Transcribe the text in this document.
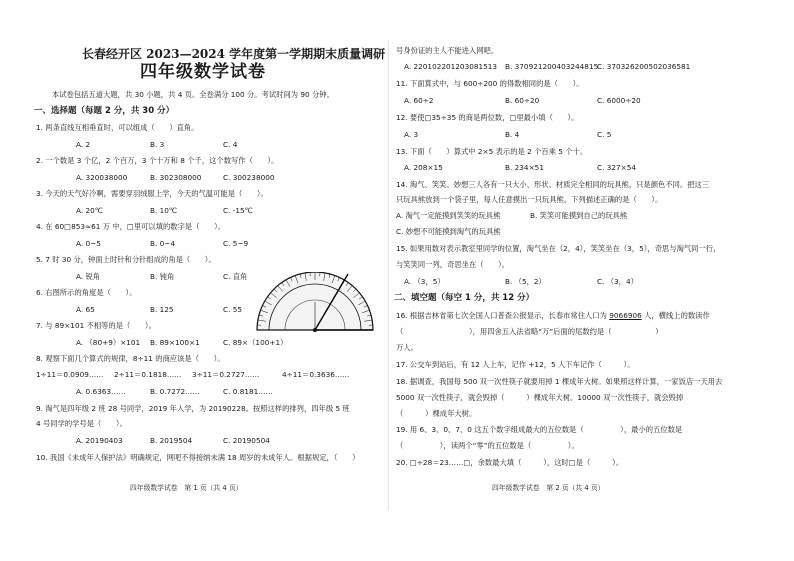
长春经开区 2023—2024 学年度第一学期期末质量调研
四年级数学试卷
本试卷包括五道大题，共 30 小题，共 4 页。全卷满分 100 分。考试时间为 90 分钟。
一、选择题（每题 2 分，共 30 分）
1. 两条直线互相垂直时，可以组成（　　）直角。
A. 2	B. 3	C. 4
2. 一个数是 3 个亿，2 个百万，3 个十万和 8 个千，这个数写作（　　）。
A. 320038000	B. 302308000	C. 300238000
3. 今天的天气好冷啊，需要穿羽绒服上学，今天的气温可能是（　　）。
A. 20℃	B. 10℃	C. -15℃
4. 在 60□853≈61 万 中，□里可以填的数字是（　　）。
A. 0~5	B. 0~4	C. 5~9
5. 7 时 30 分，钟面上时针和分针组成的角是（　　）。
A. 锐角	B. 钝角	C. 直角
6. 右图所示的角度是（　　）。
A. 65	B. 125	C. 55
7. 与 89×101 不相等的是（　　）。
A. （80+9）×101 B. 89×100×1	C. 89×（100+1）
8. 观察下面几个算式的规律，8÷11 的商应该是（　　）。
1÷11＝0.0909…… 2÷11＝0.1818…… 3÷11＝0.2727……	4÷11＝0.3636……
A. 0.6363……	B. 0.7272……	C. 0.8181……
9. 淘气是四年级 2 班 28 号同学，2019 年入学，为 20190228。按照这样的排列，四年级 5 班
4 号同学的学号是（　　）。
A. 20190403	B. 2019504	C. 20190504
10. 我国《未成年人保护法》明确规定，网吧不得接纳未满 18 周岁的未成年人。根据规定，（　　）
四年级数学试卷　第 1 页（共 4 页）
号身份证的主人不能进入网吧。
A. 220102201203081513 B. 370921200403244815
C. 370326200502036581
11. 下面算式中，与 600÷200 的得数相同的是（　　）。
A. 60÷2	B. 60÷20	C. 6000÷20
12. 要使□35÷35 的商是两位数，□里最小填（　　）。
A. 3	B. 4	C. 5
13. 下面（　　）算式中 2×5 表示的是 2 个百乘 5 个十。
A. 208×15	B. 234×51	C. 327×54
14. 淘气、笑笑、妙想三人各有一只大小、形状、材质完全相同的玩具熊，只是颜色不同。把这三
只玩具熊放到一个袋子里，每人任意摸出一只玩具熊。下列描述正确的是（　　）。
A. 淘气一定能摸到笑笑的玩具熊	B. 笑笑可能摸到自己的玩具熊
C. 妙想不可能摸到淘气的玩具熊
15. 如果用数对表示教室里同学的位置，淘气坐在（2，4），笑笑坐在（3，5），奇思与淘气同一行，
与笑笑同一列，奇思坐在（　　）。
A. （3，5）	B. （5，2）	C. （3，4）
二、填空题（每空 1 分，共 12 分）
16. 根据吉林省第七次全国人口普查公报显示，长春市常住人口为 9066906 人，横线上的数读作
（　　　　　　　　　），用四舍五入法省略“万”后面的尾数约是（　　　　　　）
万人。
17. 公交车到站后，有 12 人上车，记作 +12，5 人下车记作（　　　）。
18. 据调查，我国每 500 双一次性筷子就要用掉 1 棵成年大树。如果照这样计算，一家饭店一天用去
5000 双一次性筷子，就会毁掉（　　　）棵成年大树。10000 双一次性筷子，就会毁掉
（　　　）棵成年大树。
19. 用 6、3、0、7、0 这五个数字组成最大的五位数是（　　　　　），最小的五位数是
（　　　　　），读两个“零”的五位数是（　　　　　）。
20. □÷28＝23……□，余数最大填（　　　），这时□是（　　　）。
四年级数学试卷　第 2 页（共 4 页）
